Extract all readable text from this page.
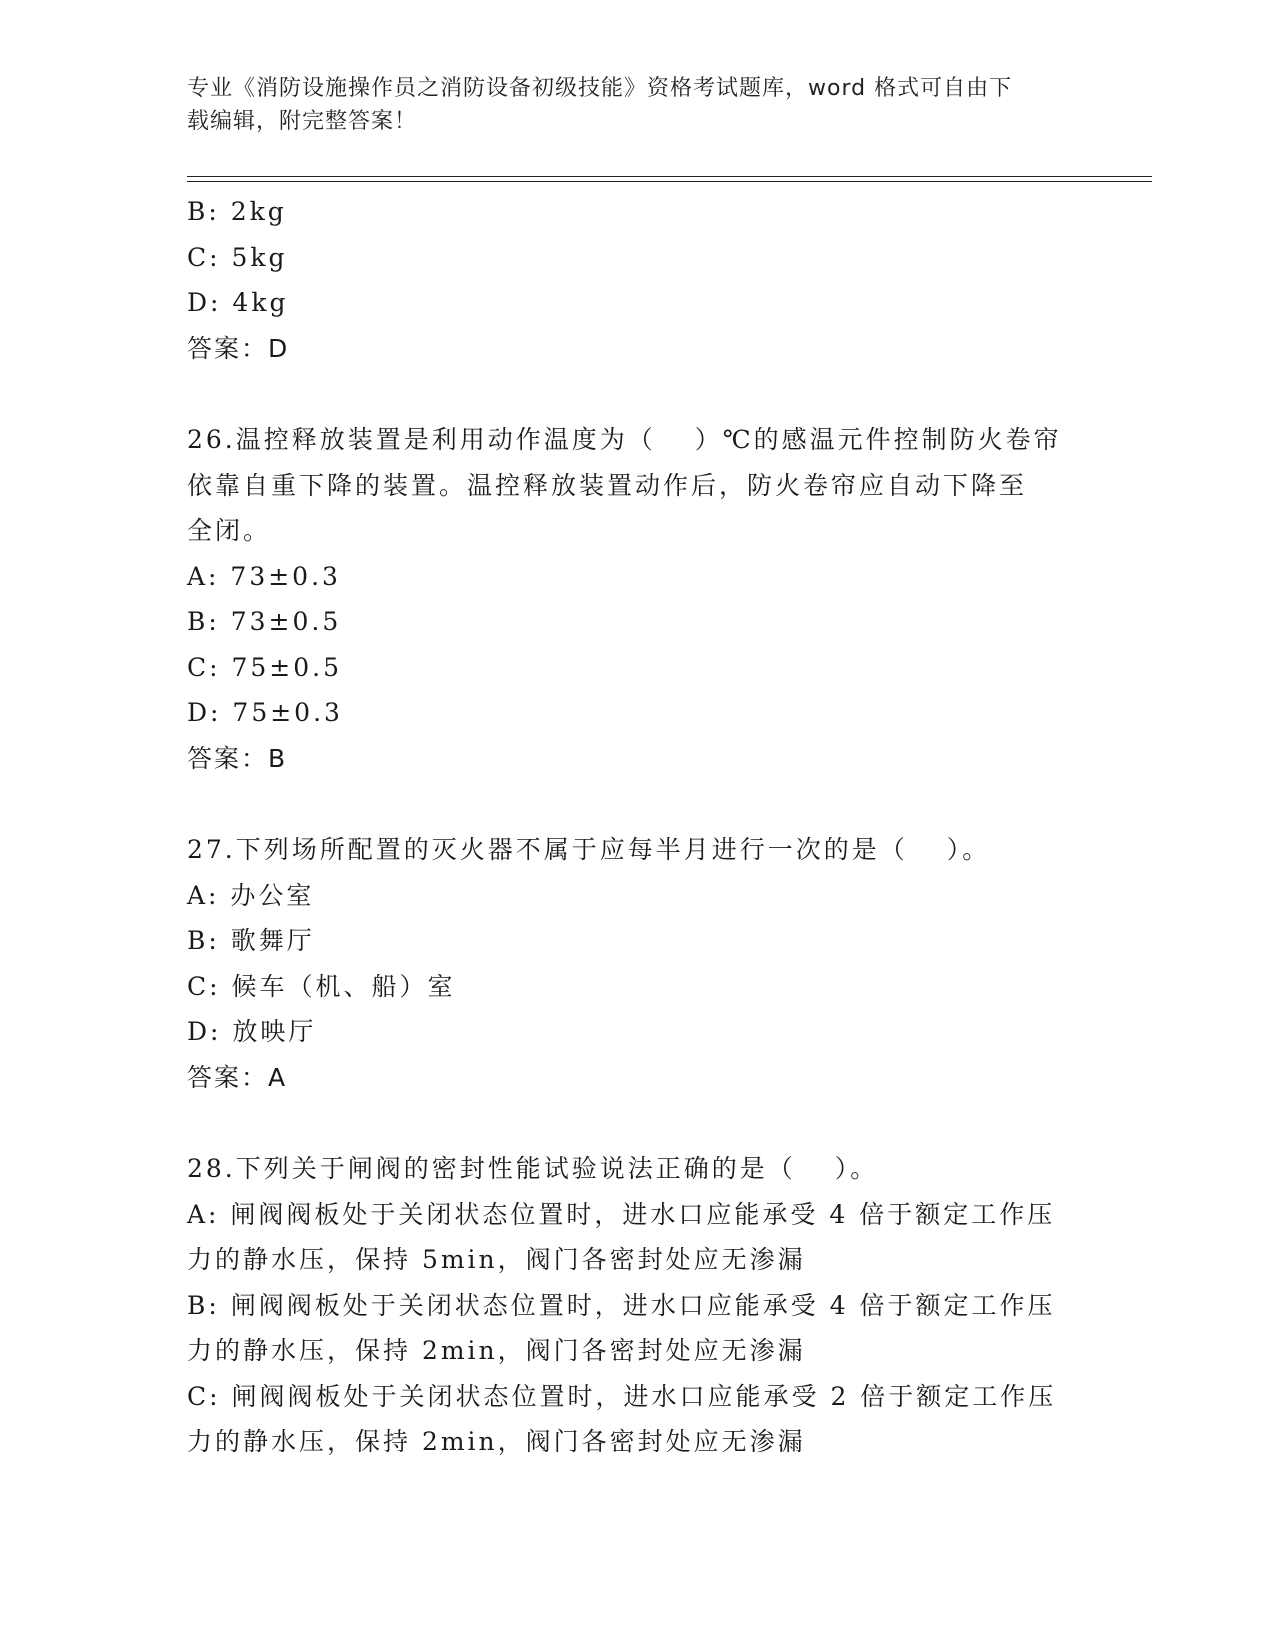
专业《消防设施操作员之消防设备初级技能》资格考试题库，word 格式可自由下
载编辑，附完整答案！
B: 2kg
C: 5kg
D: 4kg
答案：D
26.温控释放装置是利用动作温度为（　 ）℃的感温元件控制防火卷帘
依靠自重下降的装置。温控释放装置动作后，防火卷帘应自动下降至
全闭。
A: 73±0.3
B: 73±0.5
C: 75±0.5
D: 75±0.3
答案：B
27.下列场所配置的灭火器不属于应每半月进行一次的是（　 ）。
A: 办公室
B: 歌舞厅
C: 候车（机、船）室
D: 放映厅
答案：A
28.下列关于闸阀的密封性能试验说法正确的是（　 ）。
A: 闸阀阀板处于关闭状态位置时，进水口应能承受 4 倍于额定工作压
力的静水压，保持 5min，阀门各密封处应无渗漏
B: 闸阀阀板处于关闭状态位置时，进水口应能承受 4 倍于额定工作压
力的静水压，保持 2min，阀门各密封处应无渗漏
C: 闸阀阀板处于关闭状态位置时，进水口应能承受 2 倍于额定工作压
力的静水压，保持 2min，阀门各密封处应无渗漏
